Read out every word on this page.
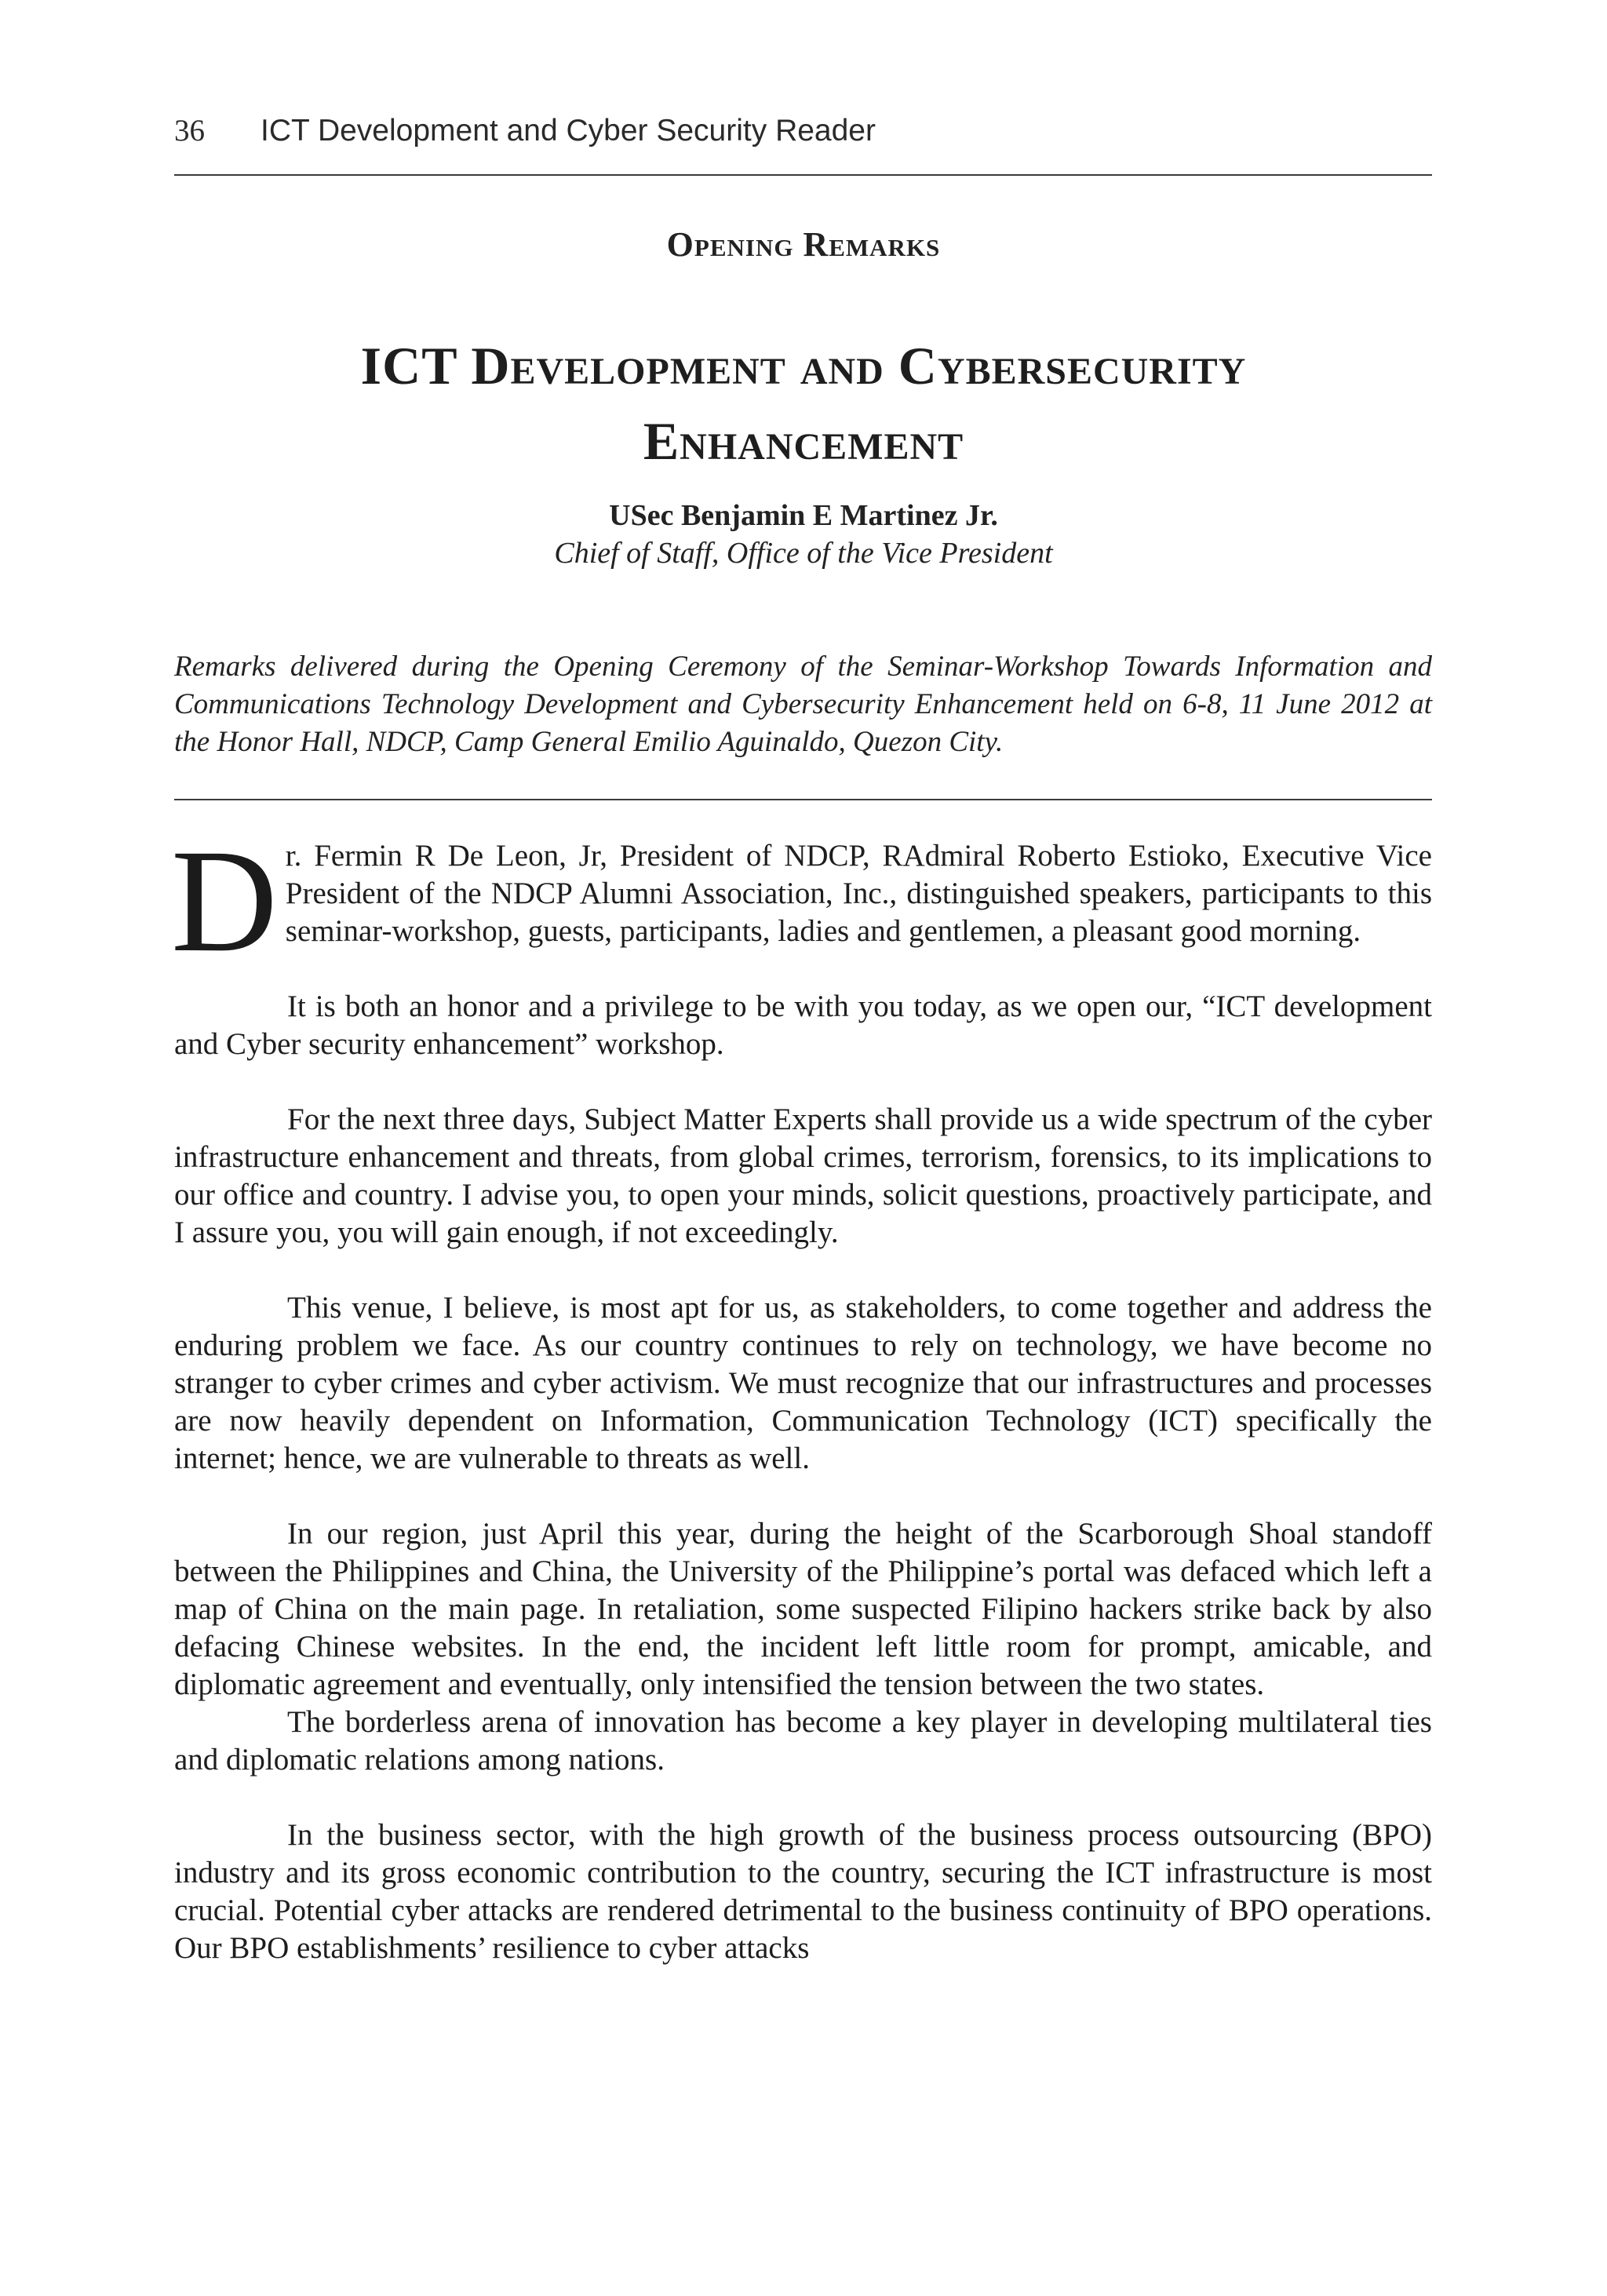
36 ICT Development and Cyber Security Reader
Opening Remarks
ICT Development and Cybersecurity
Enhancement
USec Benjamin E Martinez Jr.
Chief of Staff, Office of the Vice President
Remarks delivered during the Opening Ceremony of the Seminar-Workshop Towards Information and Communications Technology Development and Cybersecurity Enhancement held on 6-8, 11 June 2012 at the Honor Hall, NDCP, Camp General Emilio Aguinaldo, Quezon City.

Dr. Fermin R De Leon, Jr, President of NDCP, RAdmiral Roberto Estioko, Executive Vice President of the NDCP Alumni Association, Inc., distinguished speakers, participants to this seminar-workshop, guests, participants, ladies and gentlemen, a pleasant good morning.

It is both an honor and a privilege to be with you today, as we open our, “ICT development and Cyber security enhancement” workshop.

For the next three days, Subject Matter Experts shall provide us a wide spectrum of the cyber infrastructure enhancement and threats, from global crimes, terrorism, forensics, to its implications to our office and country. I advise you, to open your minds, solicit questions, proactively participate, and I assure you, you will gain enough, if not exceedingly.

This venue, I believe, is most apt for us, as stakeholders, to come together and address the enduring problem we face. As our country continues to rely on technology, we have become no stranger to cyber crimes and cyber activism. We must recognize that our infrastructures and processes are now heavily dependent on Information, Communication Technology (ICT) specifically the internet; hence, we are vulnerable to threats as well.

In our region, just April this year, during the height of the Scarborough Shoal standoff between the Philippines and China, the University of the Philippine’s portal was defaced which left a map of China on the main page. In retaliation, some suspected Filipino hackers strike back by also defacing Chinese websites. In the end, the incident left little room for prompt, amicable, and diplomatic agreement and eventually, only intensified the tension between the two states.

The borderless arena of innovation has become a key player in developing multilateral ties and diplomatic relations among nations.

In the business sector, with the high growth of the business process outsourcing (BPO) industry and its gross economic contribution to the country, securing the ICT infrastructure is most crucial. Potential cyber attacks are rendered detrimental to the business continuity of BPO operations. Our BPO establishments’ resilience to cyber attacks
